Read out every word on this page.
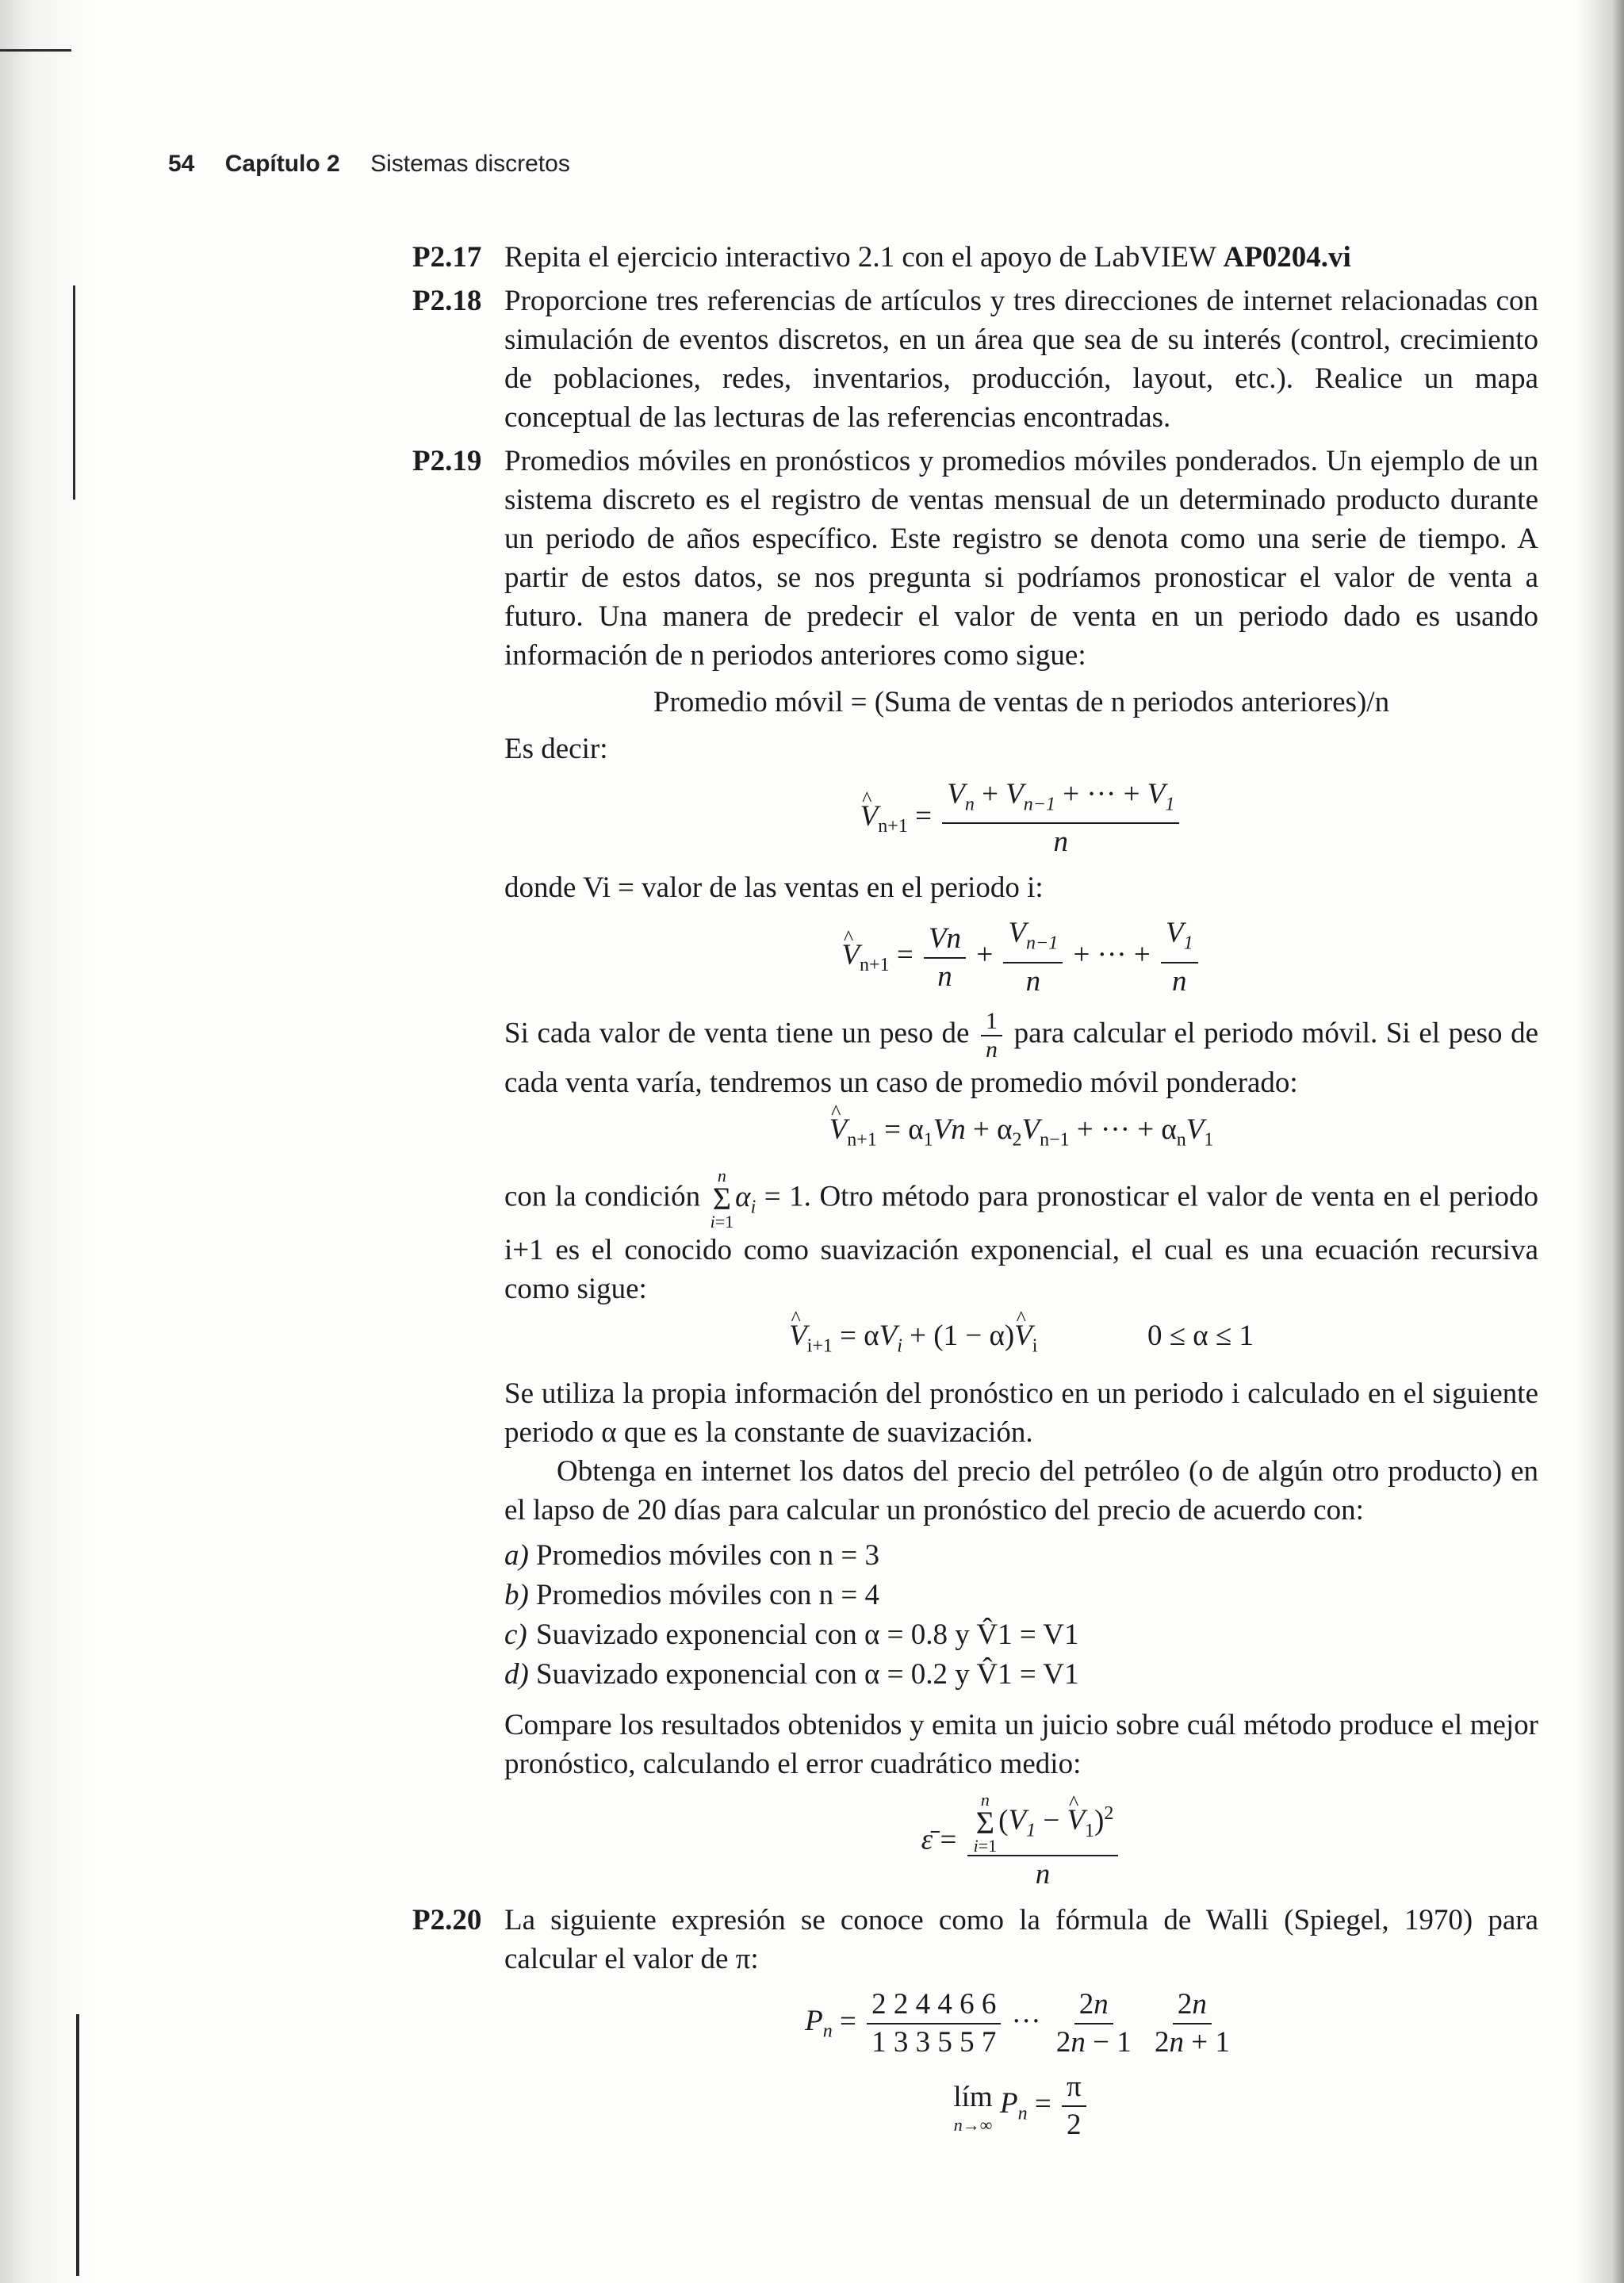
54 Capítulo 2 Sistemas discretos
P2.17 Repita el ejercicio interactivo 2.1 con el apoyo de LabVIEW AP0204.vi

P2.18 Proporcione tres referencias de artículos y tres direcciones de internet relacionadas con simulación de eventos discretos, en un área que sea de su interés (control, crecimiento de poblaciones, redes, inventarios, producción, layout, etc.). Realice un mapa conceptual de las lecturas de las referencias encontradas.

P2.19 Promedios móviles en pronósticos y promedios móviles ponderados. Un ejemplo de un sistema discreto es el registro de ventas mensual de un determinado producto durante un periodo de años específico. Este registro se denota como una serie de tiempo. A partir de estos datos, se nos pregunta si podríamos pronosticar el valor de venta a futuro. Una manera de predecir el valor de venta en un periodo dado es usando información de n periodos anteriores como sigue:

Promedio móvil = (Suma de ventas de n periodos anteriores)/n

Es decir:

^ $V_{n+1} = \frac{V_n + V_{n-1} + \cdot\cdot\cdot + V_1}{n}$

donde Vi = valor de las ventas en el periodo i:

^ $V_{n+1} = \frac{Vn}{n} + \frac{V_{n-1}}{n}$ + ··· + $\frac{V_1}{n}$

Si cada valor de venta tiene un peso de $\frac{1}{n}$ para calcular el periodo móvil. Si el peso de cada venta varía, tendremos un caso de promedio móvil ponderado:

^ $V_{n+1} = \alpha_1Vn + \alpha_2V_{n-1}$ + ··· + $\alpha_nV_1$

con la condición
n
Σ
i=1
$\alpha_i = 1$. Otro método para pronosticar el valor de venta en el periodo i+1 es el conocido como suavización exponencial, el cual es una ecuación recursiva como sigue:

^ $V_{i+1} = \alpha V_i + (1$ − α)^ $V_i$	0 ≤ α ≤ 1

Se utiliza la propia información del pronóstico en un periodo i calculado en el siguiente periodo α que es la constante de suavización.

Obtenga en internet los datos del precio del petróleo (o de algún otro producto) en el lapso de 20 días para calcular un pronóstico del precio de acuerdo con:

a) Promedios móviles con n = 3
b) Promedios móviles con n = 4
c) Suavizado exponencial con α = 0.8 y V̂1 = V1
d) Suavizado exponencial con α = 0.2 y V̂1 = V1

Compare los resultados obtenidos y emita un juicio sobre cuál método produce el mejor pronóstico, calculando el error cuadrático medio:

ε̄ = n
Σ
i=1
($V_1$ − ^ $V_1)^2$
n
P2.20 La siguiente expresión se conoce como la fórmula de Walli (Spiegel, 1970) para calcular el valor de π:

$P_n = \frac{2 2 4 4 6 6}{1 3 3 5 5 7}$ ··· $\frac{2n}{2n - 1}$
$\frac{2n}{2n + 1}$
lím
n→∞
$P_n = \frac{\pi}{2}$
